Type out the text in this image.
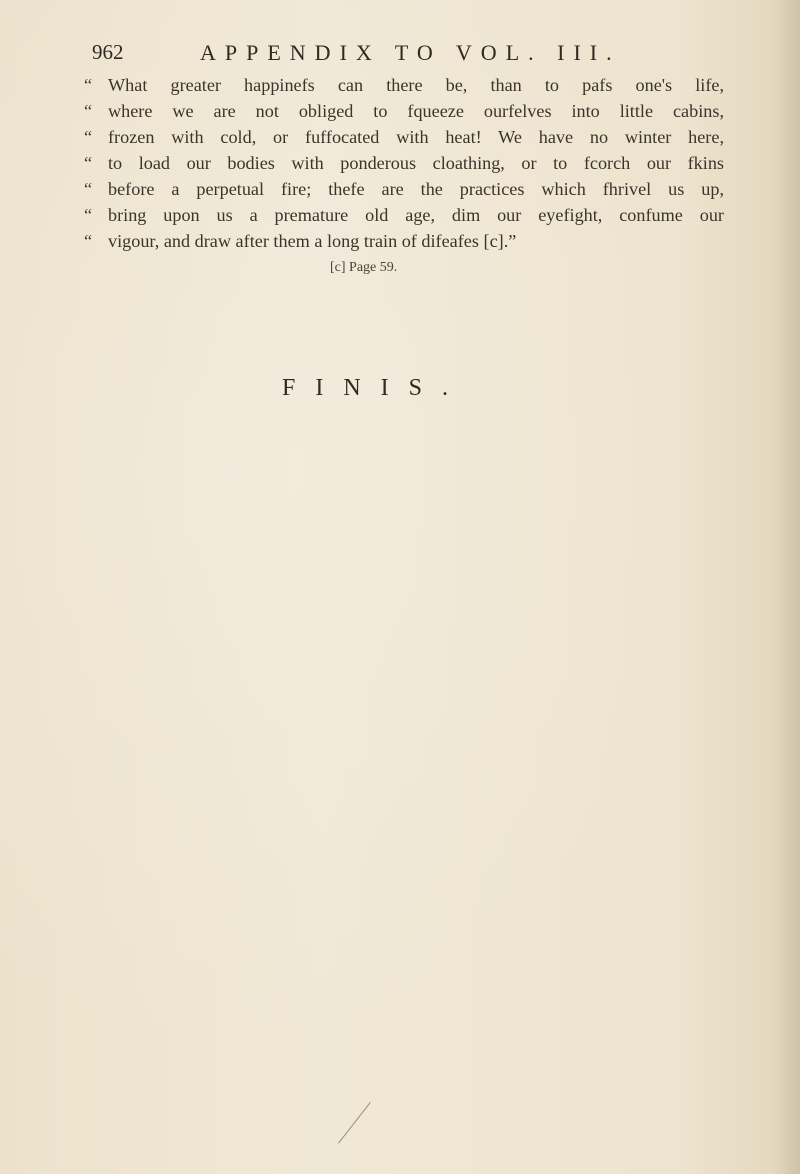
962	APPENDIX TO VOL. III.
“ What greater happinefs can there be, than to pafs one's life,
“ where we are not obliged to fqueeze ourfelves into little cabins,
“ frozen with cold, or fuffocated with heat! We have no winter here,
“ to load our bodies with ponderous cloathing, or to fcorch our fkins
“ before a perpetual fire; thefe are the practices which fhrivel us up,
“ bring upon us a premature old age, dim our eyefight, confume our
“ vigour, and draw after them a long train of difeafes [c].”
[c] Page 59.
FINIS.
